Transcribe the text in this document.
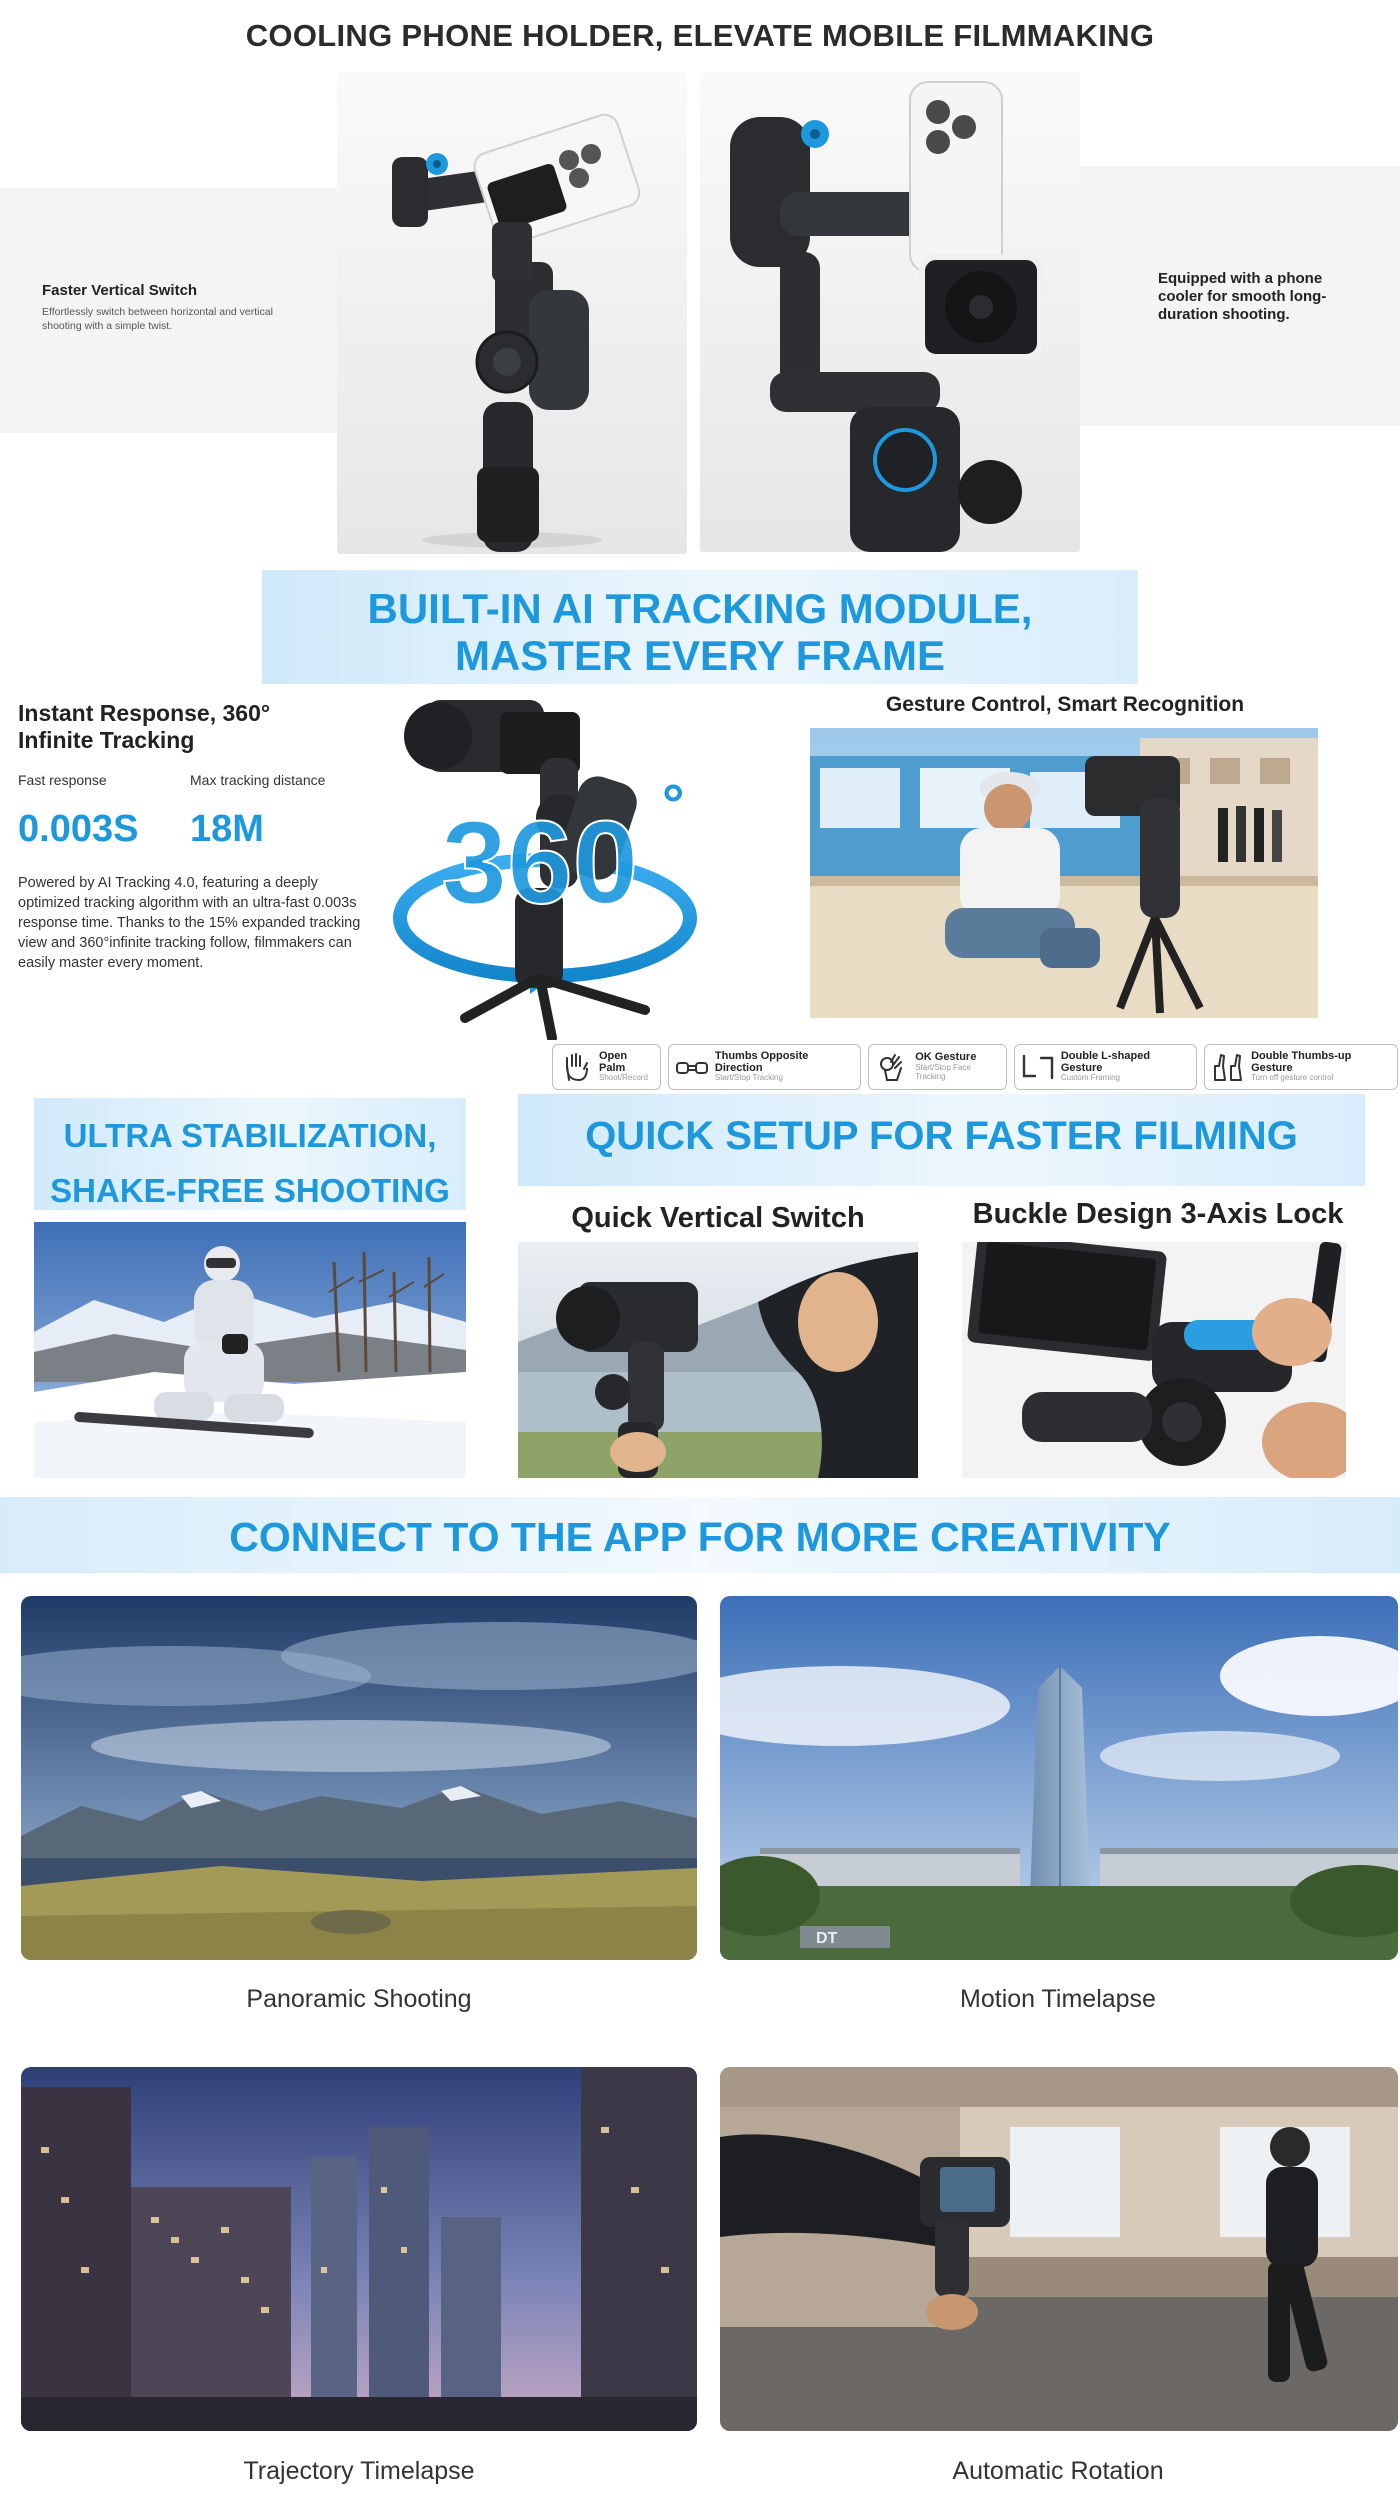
COOLING PHONE HOLDER, ELEVATE MOBILE FILMMAKING
Faster Vertical Switch
Effortlessly switch between horizontal and vertical shooting with a simple twist.
Equipped with a phone cooler for smooth long-duration shooting.
BUILT-IN AI TRACKING MODULE,
MASTER EVERY FRAME
Instant Response, 360° Infinite Tracking
Fast response	Max tracking distance
0.003S 18M
Powered by AI Tracking 4.0, featuring a deeply optimized tracking algorithm with an ultra-fast 0.003s response time. Thanks to the 15% expanded tracking view and 360°infinite tracking follow, filmmakers can easily master every moment.
360 °
Gesture Control, Smart Recognition
Open Palm
Shoot/Record
Thumbs Opposite Direction
Start/Stop Tracking
OK Gesture
Start/Stop Face Tracking
Double L-shaped Gesture
Custom Framing
Double Thumbs-up Gesture
Turn off gesture control
ULTRA STABILIZATION,
SHAKE-FREE SHOOTING
QUICK SETUP FOR FASTER FILMING
Quick Vertical Switch	Buckle Design 3-Axis Lock
CONNECT TO THE APP FOR MORE CREATIVITY
DT
Panoramic Shooting	Motion Timelapse
Trajectory Timelapse	Automatic Rotation
